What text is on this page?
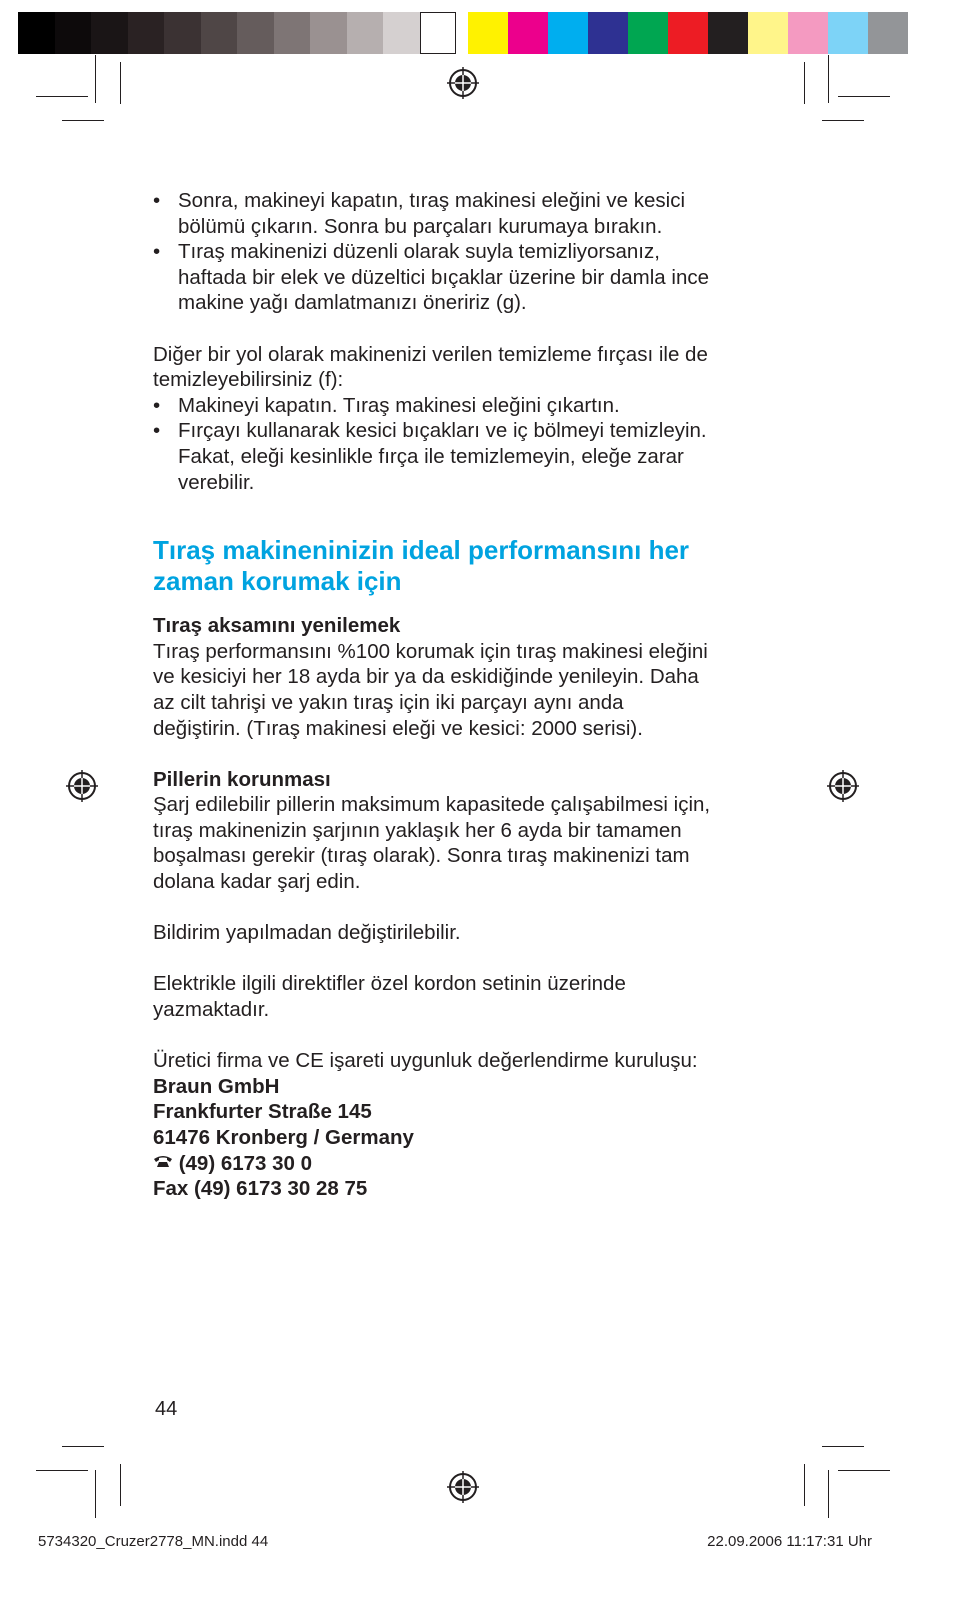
• Sonra, makineyi kapatın, tıraş makinesi eleğini ve kesici

bölümü çıkarın. Sonra bu parçaları kurumaya bırakın.

• Tıraş makinenizi düzenli olarak suyla temizliyorsanız,

haftada bir elek ve düzeltici bıçaklar üzerine bir damla ince

makine yağı damlatmanızı öneririz (g).

Diğer bir yol olarak makinenizi verilen temizleme fırçası ile de

temizleyebilirsiniz (f):

• Makineyi kapatın. Tıraş makinesi eleğini çıkartın.

• Fırçayı kullanarak kesici bıçakları ve iç bölmeyi temizleyin.

Fakat, eleği kesinlikle fırça ile temizlemeyin, eleğe zarar

verebilir.

Tıraş makineninizin ideal performansını her

zaman korumak için

Tıraş aksamını yenilemek

Tıraş performansını %100 korumak için tıraş makinesi eleğini

ve kesiciyi her 18 ayda bir ya da eskidiğinde yenileyin. Daha

az cilt tahrişi ve yakın tıraş için iki parçayı aynı anda

değiştirin. (Tıraş makinesi eleği ve kesici: 2000 serisi).

Pillerin korunması

Şarj edilebilir pillerin maksimum kapasitede çalışabilmesi için,

tıraş makinenizin şarjının yaklaşık her 6 ayda bir tamamen

boşalması gerekir (tıraş olarak). Sonra tıraş makinenizi tam

dolana kadar şarj edin.

Bildirim yapılmadan değiştirilebilir.

Elektrikle ilgili direktifler özel kordon setinin üzerinde

yazmaktadır.

Üretici firma ve CE işareti uygunluk değerlendirme kuruluşu:

Braun GmbH

Frankfurter Straße 145

61476 Kronberg / Germany

(49) 6173 30 0

Fax (49) 6173 30 28 75

44
5734320_Cruzer2778_MN.indd 44	22.09.2006 11:17:31 Uhr
